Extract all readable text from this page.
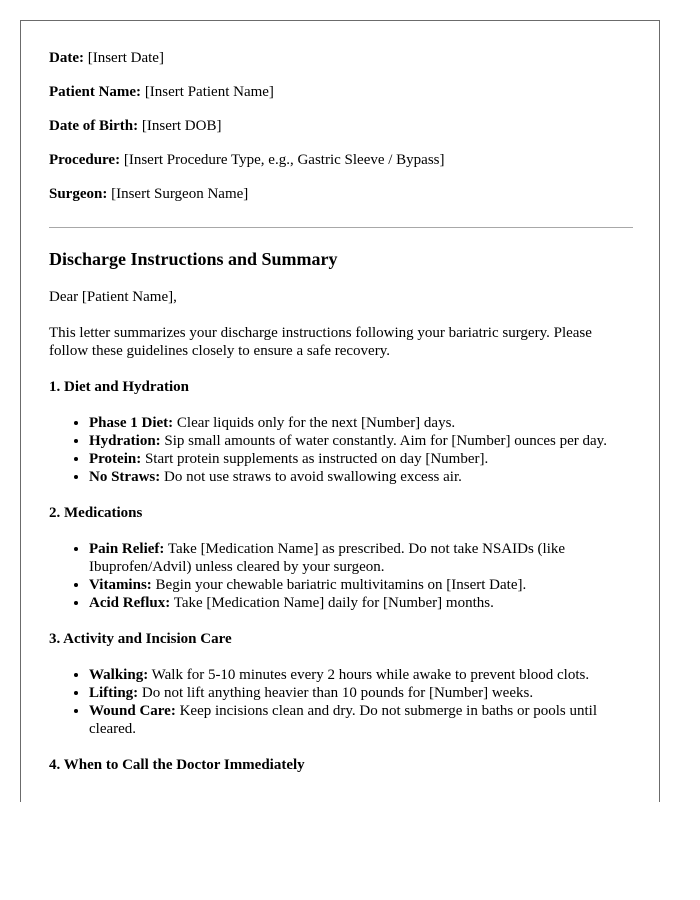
Date: [Insert Date]

Patient Name: [Insert Patient Name]

Date of Birth: [Insert DOB]

Procedure: [Insert Procedure Type, e.g., Gastric Sleeve / Bypass]

Surgeon: [Insert Surgeon Name]

Discharge Instructions and Summary

Dear [Patient Name],

This letter summarizes your discharge instructions following your bariatric surgery. Please follow these guidelines closely to ensure a safe recovery.

1. Diet and Hydration

• Phase 1 Diet: Clear liquids only for the next [Number] days.
• Hydration: Sip small amounts of water constantly. Aim for [Number] ounces per day.
• Protein: Start protein supplements as instructed on day [Number].
• No Straws: Do not use straws to avoid swallowing excess air.

2. Medications

• Pain Relief: Take [Medication Name] as prescribed. Do not take NSAIDs (like Ibuprofen/Advil) unless cleared by your surgeon.
• Vitamins: Begin your chewable bariatric multivitamins on [Insert Date].
• Acid Reflux: Take [Medication Name] daily for [Number] months.

3. Activity and Incision Care

• Walking: Walk for 5-10 minutes every 2 hours while awake to prevent blood clots.
• Lifting: Do not lift anything heavier than 10 pounds for [Number] weeks.
• Wound Care: Keep incisions clean and dry. Do not submerge in baths or pools until cleared.

4. When to Call the Doctor Immediately
